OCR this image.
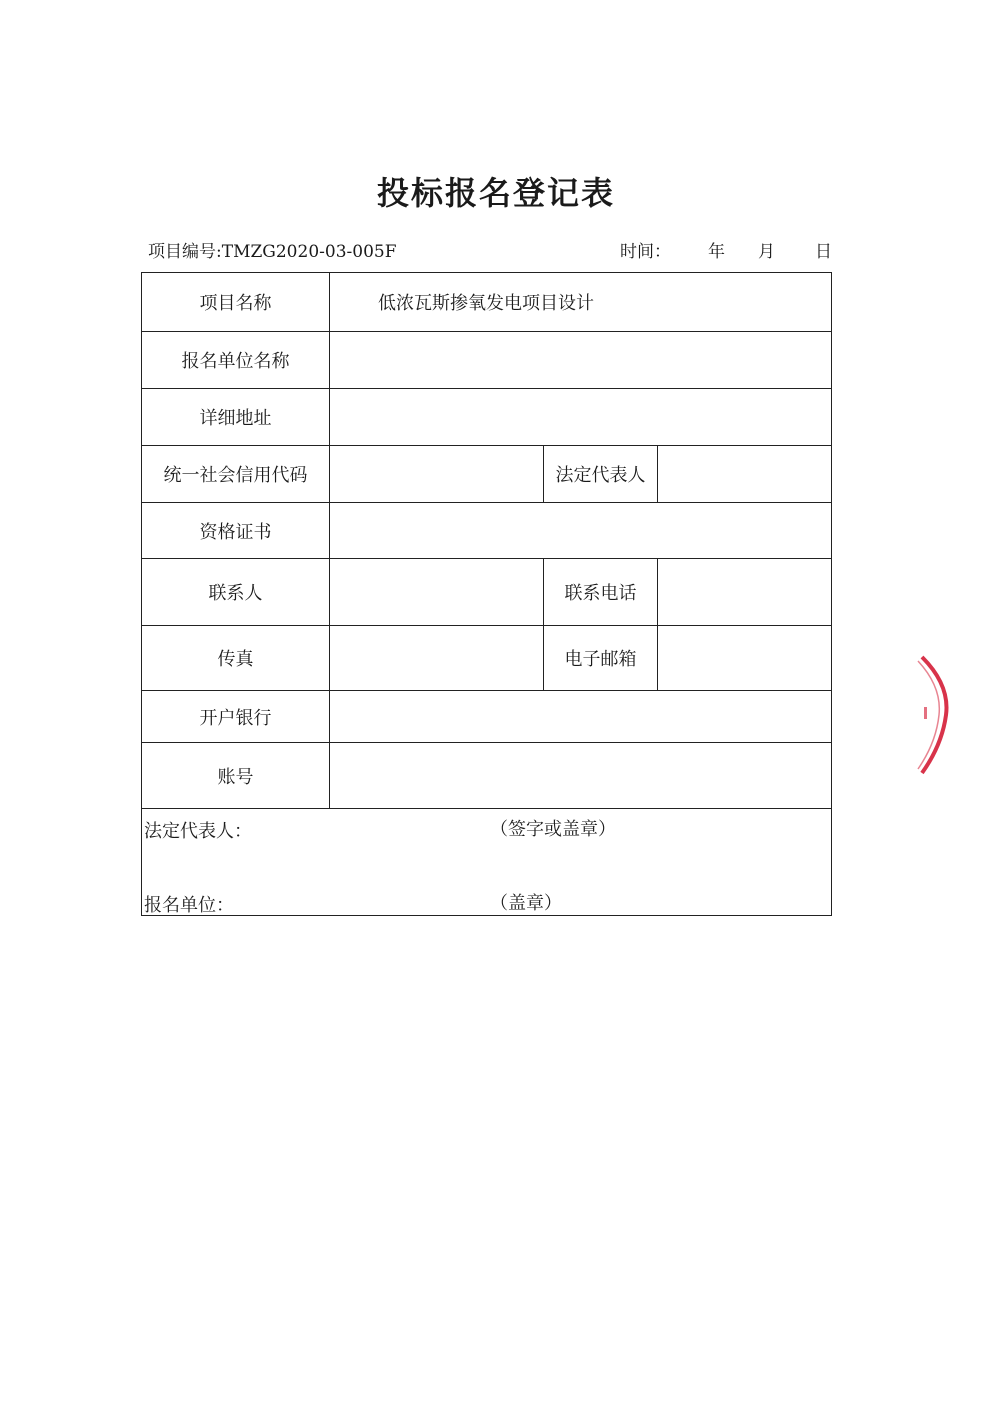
投标报名登记表
项目编号:TMZG2020-03-005F	时间： 年 月 日
项目名称	低浓瓦斯掺氧发电项目设计		
报名单位名称			
详细地址			
统一社会信用代码		法定代表人	
资格证书			
联系人		联系电话	
传真		电子邮箱	
开户银行			
账号			

法定代表人： （签字或盖章）
报名单位： （盖章）			
